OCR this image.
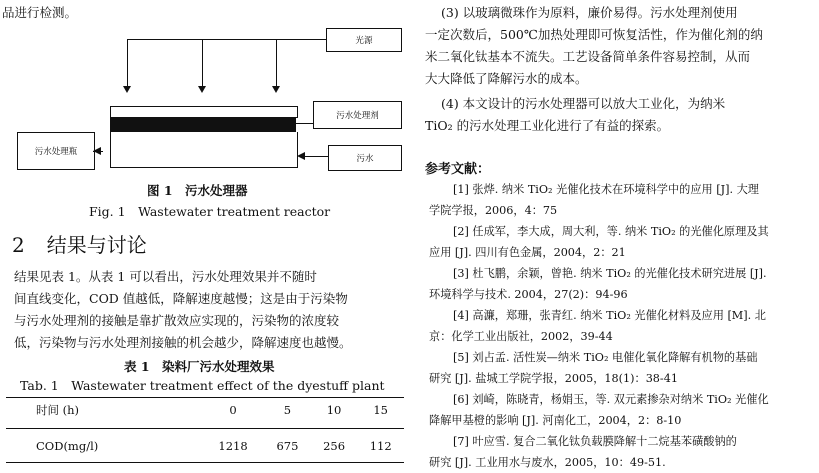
品进行检测。
光源
污水处理剂
污水
污水处理瓶
图 1　污水处理器
Fig. 1　Wastewater treatment reactor
2 结果与讨论
结果见表 1。从表 1 可以看出，污水处理效果并不随时
间直线变化，COD 值越低，降解速度越慢；这是由于污染物
与污水处理剂的接触是靠扩散效应实现的，污染物的浓度较
低，污染物与污水处理剂接触的机会越少，降解速度也越慢。
表 1　染料厂污水处理效果
Tab. 1　Wastewater treatment effect of the dyestuff plant
时间 (h)	0	5	10	15

COD(mg/l)	1218	675	256	112
(3) 以玻璃微珠作为原料，廉价易得。污水处理剂使用
一定次数后，500℃加热处理即可恢复活性，作为催化剂的纳
米二氧化钛基本不流失。工艺设备简单条件容易控制，从而
大大降低了降解污水的成本。
(4) 本文设计的污水处理器可以放大工业化，为纳米
TiO₂ 的污水处理工业化进行了有益的探索。
参考文献：
[1] 张烨. 纳米 TiO₂ 光催化技术在环境科学中的应用 [J]. 大理
学院学报，2006，4：75
[2] 任成军，李大成，周大利，等. 纳米 TiO₂ 的光催化原理及其
应用 [J]. 四川有色金属，2004，2：21
[3] 杜飞鹏，余颖，曾艳. 纳米 TiO₂ 的光催化技术研究进展 [J].
环境科学与技术. 2004，27(2)：94-96
[4] 高濂，郑珊，张青红. 纳米 TiO₂ 光催化材料及应用 [M]. 北
京：化学工业出版社，2002，39-44
[5] 刘占孟. 活性炭—纳米 TiO₂ 电催化氧化降解有机物的基础
研究 [J]. 盐城工学院学报，2005，18(1)：38-41
[6] 刘崎，陈晓青，杨娟玉，等. 双元素掺杂对纳米 TiO₂ 光催化
降解甲基橙的影响 [J]. 河南化工，2004，2：8-10
[7] 叶应雪. 复合二氧化钛负载膜降解十二烷基苯磺酸钠的
研究 [J]. 工业用水与废水，2005，10：49-51.
